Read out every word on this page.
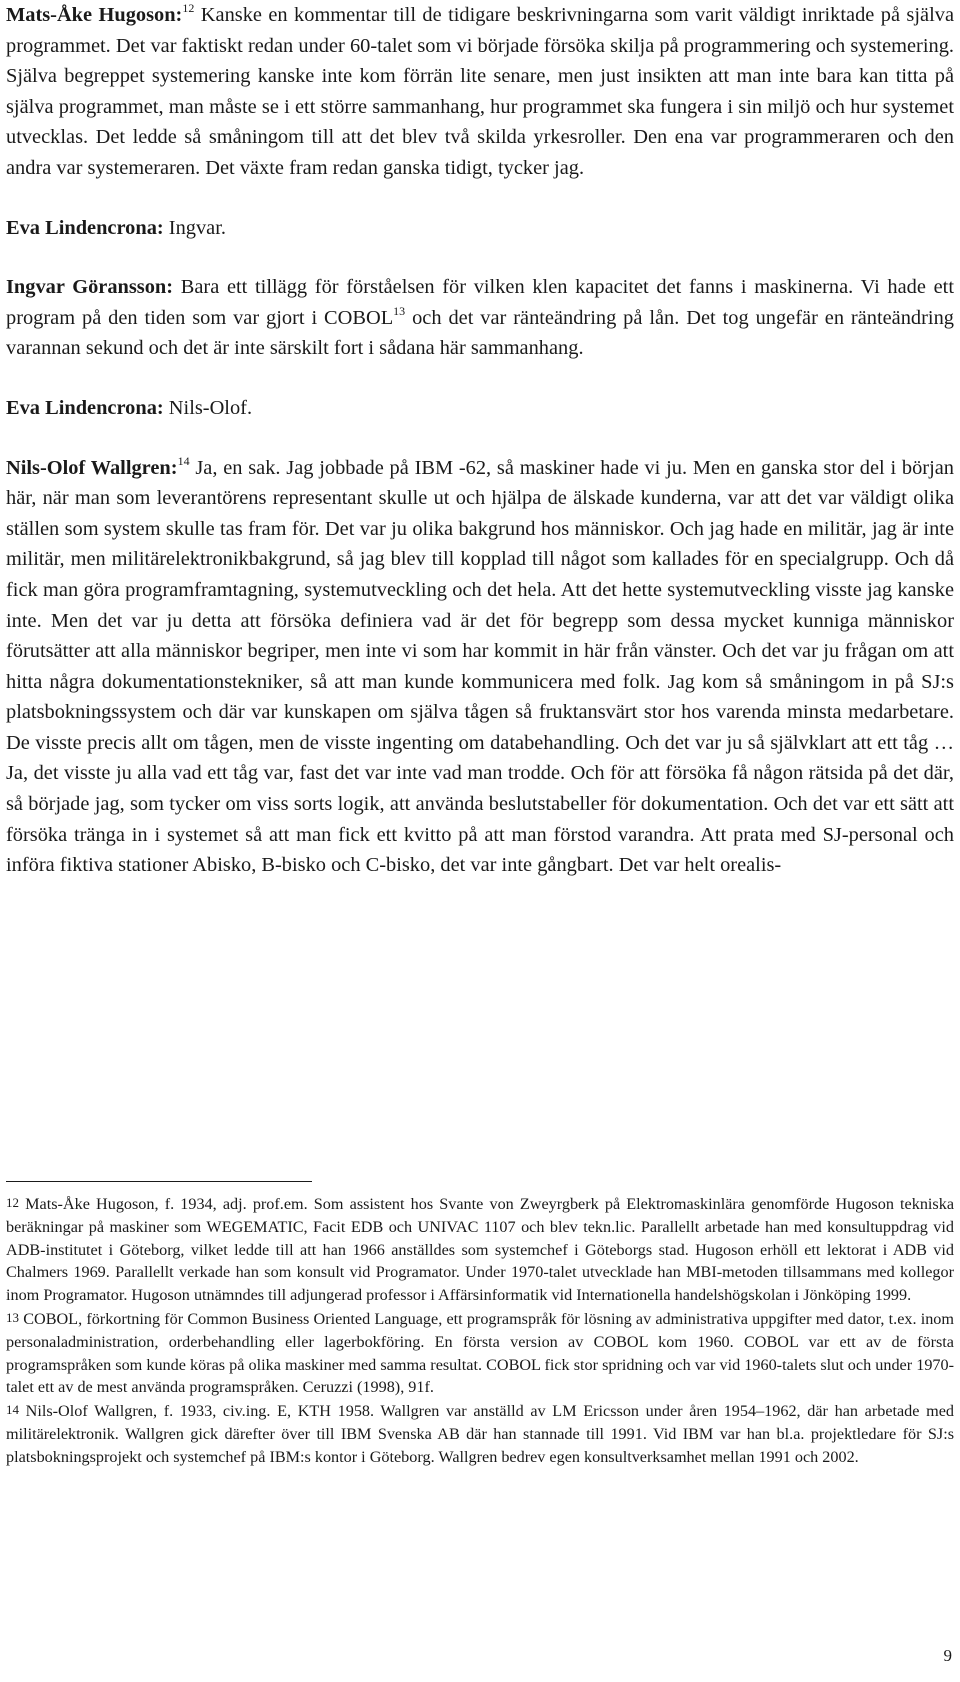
Mats-Åke Hugoson:$^{12}$ Kanske en kommentar till de tidigare beskrivningarna som varit väldigt inriktade på själva programmet. Det var faktiskt redan under 60-talet som vi började försöka skilja på programmering och systemering. Själva begreppet systemering kanske inte kom förrän lite senare, men just insikten att man inte bara kan titta på själva programmet, man måste se i ett större sammanhang, hur programmet ska fungera i sin miljö och hur systemet utvecklas. Det ledde så småningom till att det blev två skilda yrkesroller. Den ena var programmeraren och den andra var systemeraren. Det växte fram redan ganska tidigt, tycker jag.

Eva Lindencrona: Ingvar.

Ingvar Göransson: Bara ett tillägg för förståelsen för vilken klen kapacitet det fanns i maskinerna. Vi hade ett program på den tiden som var gjort i COBOL$^{13}$ och det var ränteändring på lån. Det tog ungefär en ränteändring varannan sekund och det är inte särskilt fort i sådana här sammanhang.

Eva Lindencrona: Nils-Olof.

Nils-Olof Wallgren:$^{14}$ Ja, en sak. Jag jobbade på IBM -62, så maskiner hade vi ju. Men en ganska stor del i början här, när man som leverantörens representant skulle ut och hjälpa de älskade kunderna, var att det var väldigt olika ställen som system skulle tas fram för. Det var ju olika bakgrund hos människor. Och jag hade en militär, jag är inte militär, men militärelektronikbakgrund, så jag blev till kopplad till något som kallades för en specialgrupp. Och då fick man göra programframtagning, systemutveckling och det hela. Att det hette systemutveckling visste jag kanske inte. Men det var ju detta att försöka definiera vad är det för begrepp som dessa mycket kunniga människor förutsätter att alla människor begriper, men inte vi som har kommit in här från vänster. Och det var ju frågan om att hitta några dokumentationstekniker, så att man kunde kommunicera med folk. Jag kom så småningom in på SJ:s platsbokningssystem och där var kunskapen om själva tågen så fruktansvärt stor hos varenda minsta medarbetare. De visste precis allt om tågen, men de visste ingenting om databehandling. Och det var ju så självklart att ett tåg … Ja, det visste ju alla vad ett tåg var, fast det var inte vad man trodde. Och för att försöka få någon rätsida på det där, så började jag, som tycker om viss sorts logik, att använda beslutstabeller för dokumentation. Och det var ett sätt att försöka tränga in i systemet så att man fick ett kvitto på att man förstod varandra. Att prata med SJ-personal och införa fiktiva stationer Abisko, B-bisko och C-bisko, det var inte gångbart. Det var helt orealis-

12 Mats-Åke Hugoson, f. 1934, adj. prof.em. Som assistent hos Svante von Zweyrgberk på Elektromaskinlära genomförde Hugoson tekniska beräkningar på maskiner som WEGEMATIC, Facit EDB och UNIVAC 1107 och blev tekn.lic. Parallellt arbetade han med konsultuppdrag vid ADB-institutet i Göteborg, vilket ledde till att han 1966 anställdes som systemchef i Göteborgs stad. Hugoson erhöll ett lektorat i ADB vid Chalmers 1969. Parallellt verkade han som konsult vid Programator. Under 1970-talet utvecklade han MBI-metoden tillsammans med kollegor inom Programator. Hugoson utnämndes till adjungerad professor i Affärsinformatik vid Internationella handelshögskolan i Jönköping 1999.

13 COBOL, förkortning för Common Business Oriented Language, ett programspråk för lösning av administrativa uppgifter med dator, t.ex. inom personaladministration, orderbehandling eller lagerbokföring. En första version av COBOL kom 1960. COBOL var ett av de första programspråken som kunde köras på olika maskiner med samma resultat. COBOL fick stor spridning och var vid 1960-talets slut och under 1970-talet ett av de mest använda programspråken. Ceruzzi (1998), 91f.

14 Nils-Olof Wallgren, f. 1933, civ.ing. E, KTH 1958. Wallgren var anställd av LM Ericsson under åren 1954–1962, där han arbetade med militärelektronik. Wallgren gick därefter över till IBM Svenska AB där han stannade till 1991. Vid IBM var han bl.a. projektledare för SJ:s platsbokningsprojekt och systemchef på IBM:s kontor i Göteborg. Wallgren bedrev egen konsultverksamhet mellan 1991 och 2002.

9
